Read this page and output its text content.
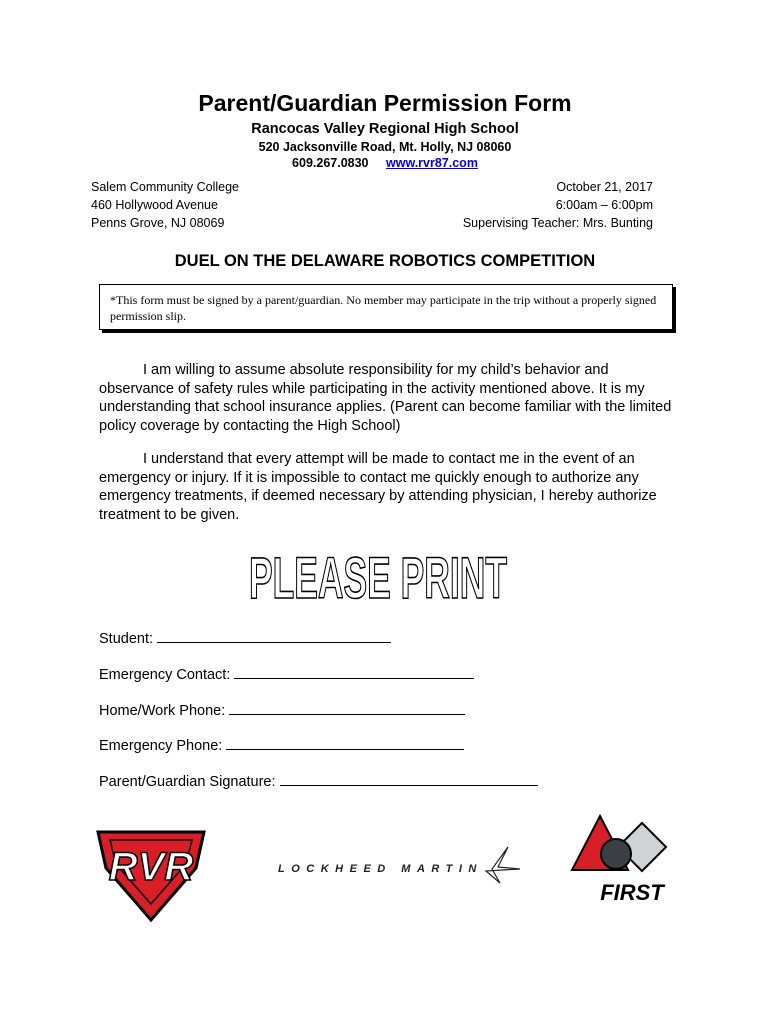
Parent/Guardian Permission Form
Rancocas Valley Regional High School
520 Jacksonville Road, Mt. Holly, NJ 08060
609.267.0830 www.rvr87.com
Salem Community College
460 Hollywood Avenue
Penns Grove, NJ 08069
October 21, 2017
6:00am – 6:00pm
Supervising Teacher: Mrs. Bunting
DUEL ON THE DELAWARE ROBOTICS COMPETITION
*This form must be signed by a parent/guardian. No member may participate in the trip without a properly signed permission slip.

I am willing to assume absolute responsibility for my child’s behavior and observance of safety rules while participating in the activity mentioned above. It is my understanding that school insurance applies. (Parent can become familiar with the limited policy coverage by contacting the High School)

I understand that every attempt will be made to contact me in the event of an emergency or injury. If it is impossible to contact me quickly enough to authorize any emergency treatments, if deemed necessary by attending physician, I hereby authorize treatment to be given.

PLEASE PRINT
Student:
Emergency Contact:
Home/Work Phone:
Emergency Phone:
Parent/Guardian Signature:
RVR	LOCKHEED MARTIN
FIRST
